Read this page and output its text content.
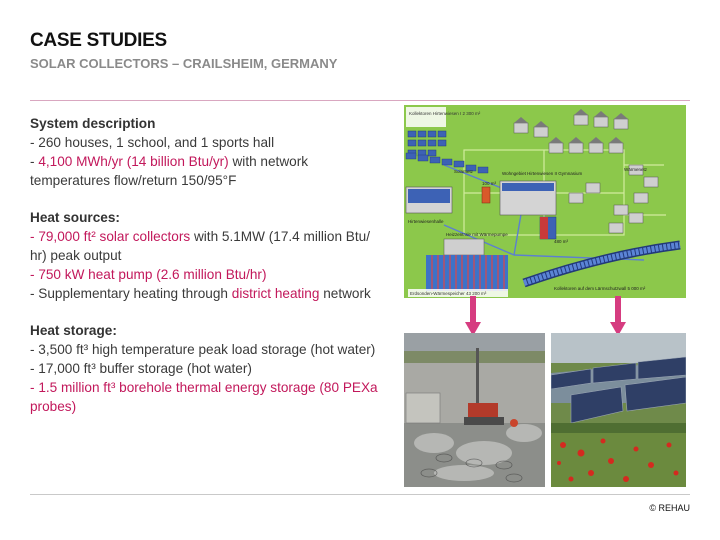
CASE STUDIES
SOLAR COLLECTORS – CRAILSHEIM, GERMANY
System description
- 260 houses, 1 school, and 1 sports hall
- 4,100 MWh/yr (14 billion Btu/yr) with network temperatures flow/return 150/95°F
Heat sources:
- 79,000 ft² solar collectors with 5.1MW (17.4 million Btu/ hr) peak output
- 750 kW heat pump (2.6 million Btu/hr)
- Supplementary heating through district heating network
Heat storage:
- 3,500 ft³ high temperature peak load storage (hot water)
- 17,000 ft³ buffer storage (hot water)
- 1.5 million ft³ borehole thermal energy storage (80 PEXa probes)
Kollektoren Hirtenwiesen I 2 300 m²
Wohngebiet Hirtenwiesen II Gymnasium
Wärmenetz
Solarnetz
Hirtenwiesenhalle
100 m³
480 m³
Heizzentrale mit Wärmepumpe
Erdsonden-Wärmespeicher 43 200 m³
Kollektoren auf dem Lärmschutzwall 5 000 m²
© REHAU
